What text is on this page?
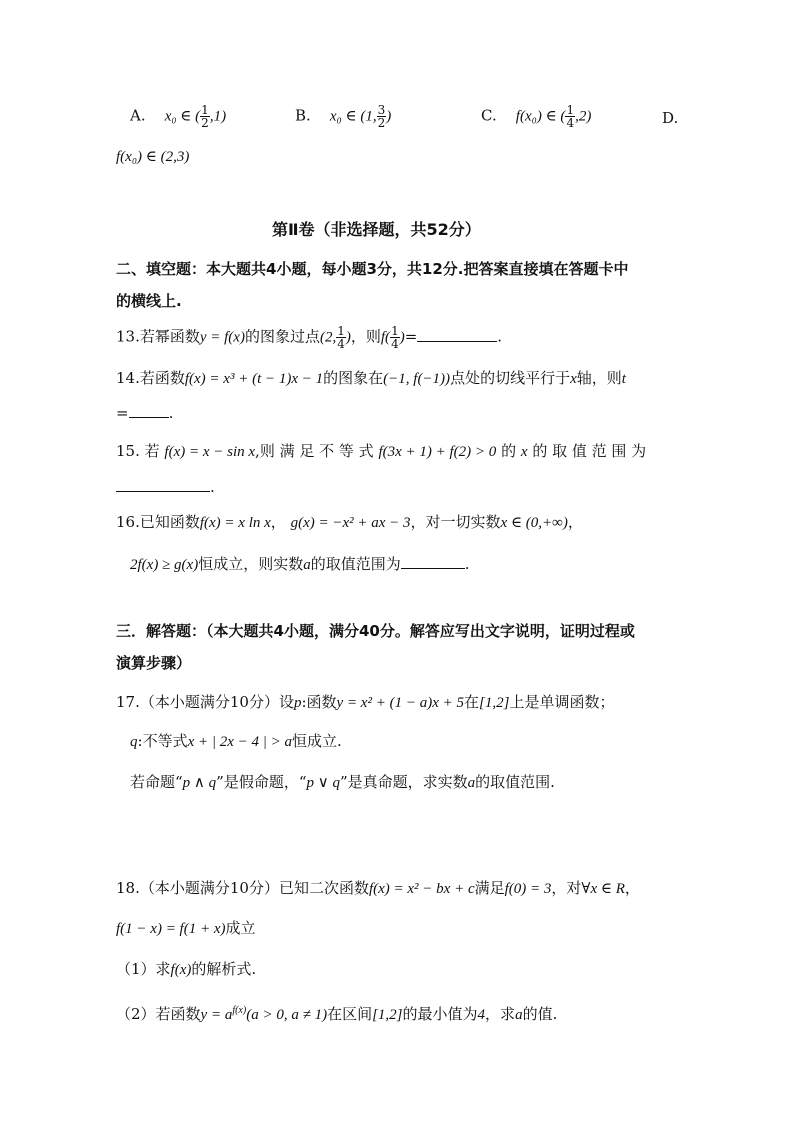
A. x₀ ∈ ( $\frac{1}{2} ,1$)	B. x₀ ∈ (1, $\frac{3}{2}$ )	C. f(x₀) ∈ ( $\frac{1}{4} ,2$)	D.
f(x₀) ∈ (2,3)
第Ⅱ卷（非选择题，共52分）
二、填空题：本大题共4小题，每小题3分，共12分.把答案直接填在答题卡中
的横线上.
13.若幂函数y = f(x)的图象过点(2, $\frac{1}{4}$ )，则$f( \frac{1}{4}$ )=	.
14.若函数f(x) = x³ + (t − 1)x − 1的图象在(−1, f(−1))点处的切线平行于x轴，则t
=	.
15. 若 f(x) = x − sin x,则 满 足 不 等 式 f(3x + 1) + f(2) > 0 的 x 的 取 值 范 围 为
.
16.已知函数f(x) = x ln x， g(x) = −x² + ax − 3，对一切实数x ∈ (0,+∞)，
2f(x) ≥ g(x)恒成立，则实数a的取值范围为	.
三．解答题：（本大题共4小题，满分40分。解答应写出文字说明，证明过程或
演算步骤）
17.（本小题满分10分）设p:函数y = x² + (1 − a)x + 5在[1,2]上是单调函数；
q:不等式x + | 2x − 4 | > a恒成立.
若命题“p ∧ q”是假命题，“p ∨ q”是真命题，求实数a的取值范围.
18.（本小题满分10分）已知二次函数f(x) = x² − bx + c满足f(0) = 3，对∀x ∈ R，
f(1 − x) = f(1 + x)成立
（1）求f(x)的解析式.
（2）若函数$y = a^{f(x)}(a > 0$, a ≠ 1)在区间[1,2]的最小值为4，求a的值.
